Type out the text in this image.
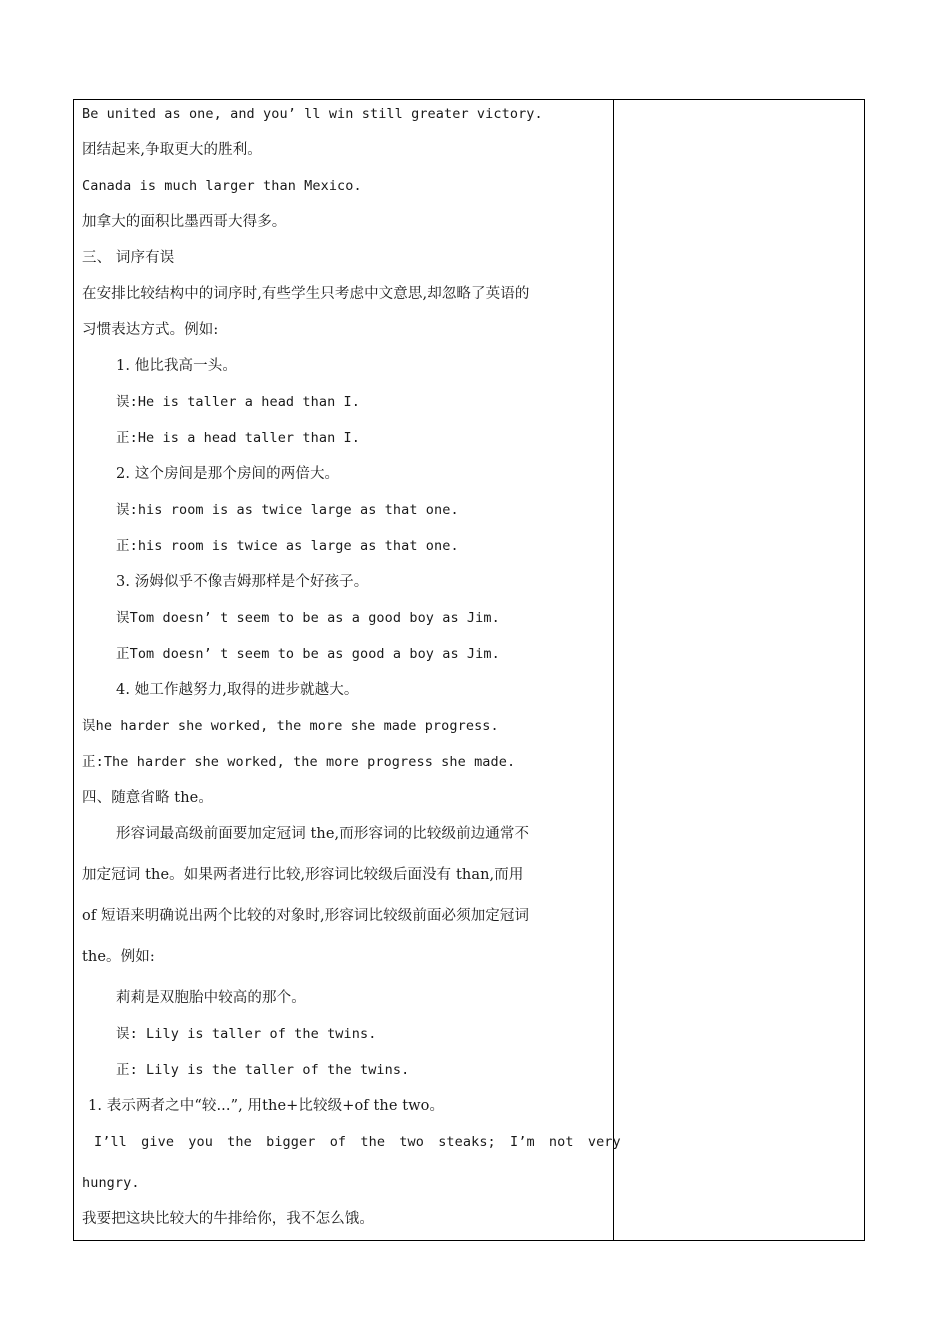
Be united as one, and you’ ll win still greater victory.
团结起来,争取更大的胜利。
Canada is much larger than Mexico.
加拿大的面积比墨西哥大得多。
三、 词序有误
在安排比较结构中的词序时,有些学生只考虑中文意思,却忽略了英语的
习惯表达方式。例如:
1. 他比我高一头。
误:He is taller a head than I.
正:He is a head taller than I.
2. 这个房间是那个房间的两倍大。
误:his room is as twice large as that one.
正:his room is twice as large as that one.
3. 汤姆似乎不像吉姆那样是个好孩子。
误Tom doesn’ t seem to be as a good boy as Jim.
正Tom doesn’ t seem to be as good a boy as Jim.
4. 她工作越努力,取得的进步就越大。
误he harder she worked, the more she made progress.
正:The harder she worked, the more progress she made.
四、随意省略 the。
形容词最高级前面要加定冠词 the,而形容词的比较级前边通常不
加定冠词 the。如果两者进行比较,形容词比较级后面没有 than,而用
of 短语来明确说出两个比较的对象时,形容词比较级前面必须加定冠词
the。例如:
莉莉是双胞胎中较高的那个。
误: Lily is taller of the twins.
正: Lily is the taller of the twins.
1. 表示两者之中“较...”, 用the+比较级+of the two。
I’ll give you the bigger of the two steaks; I’m not very
hungry.
我要把这块比较大的牛排给你，我不怎么饿。
